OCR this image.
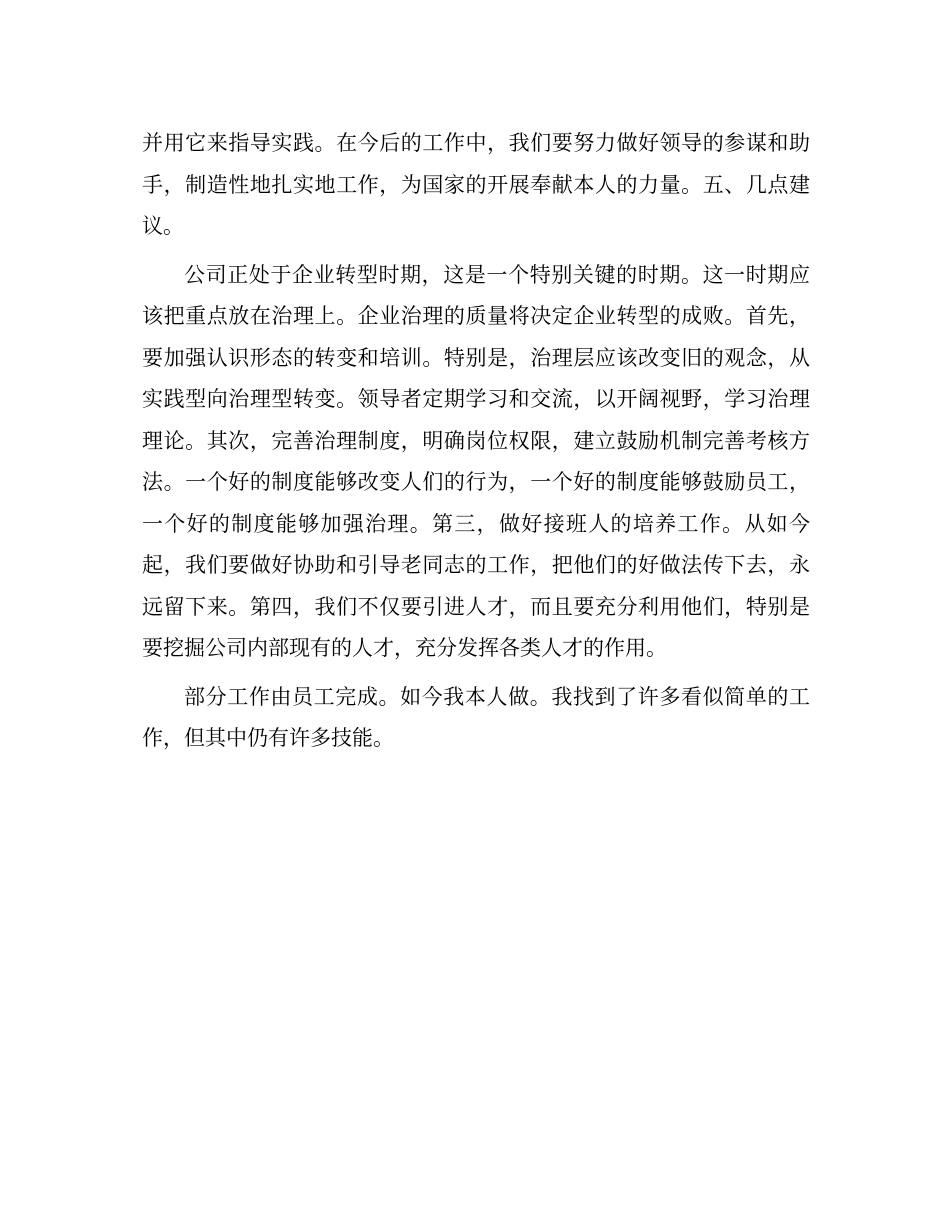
并用它来指导实践。在今后的工作中，我们要努力做好领导的参谋和助手，制造性地扎实地工作，为国家的开展奉献本人的力量。五、几点建议。

公司正处于企业转型时期，这是一个特别关键的时期。这一时期应该把重点放在治理上。企业治理的质量将决定企业转型的成败。首先，要加强认识形态的转变和培训。特别是，治理层应该改变旧的观念，从实践型向治理型转变。领导者定期学习和交流，以开阔视野，学习治理理论。其次，完善治理制度，明确岗位权限，建立鼓励机制完善考核方法。一个好的制度能够改变人们的行为，一个好的制度能够鼓励员工，一个好的制度能够加强治理。第三，做好接班人的培养工作。从如今起，我们要做好协助和引导老同志的工作，把他们的好做法传下去，永远留下来。第四，我们不仅要引进人才，而且要充分利用他们，特别是要挖掘公司内部现有的人才，充分发挥各类人才的作用。

部分工作由员工完成。如今我本人做。我找到了许多看似简单的工作，但其中仍有许多技能。
